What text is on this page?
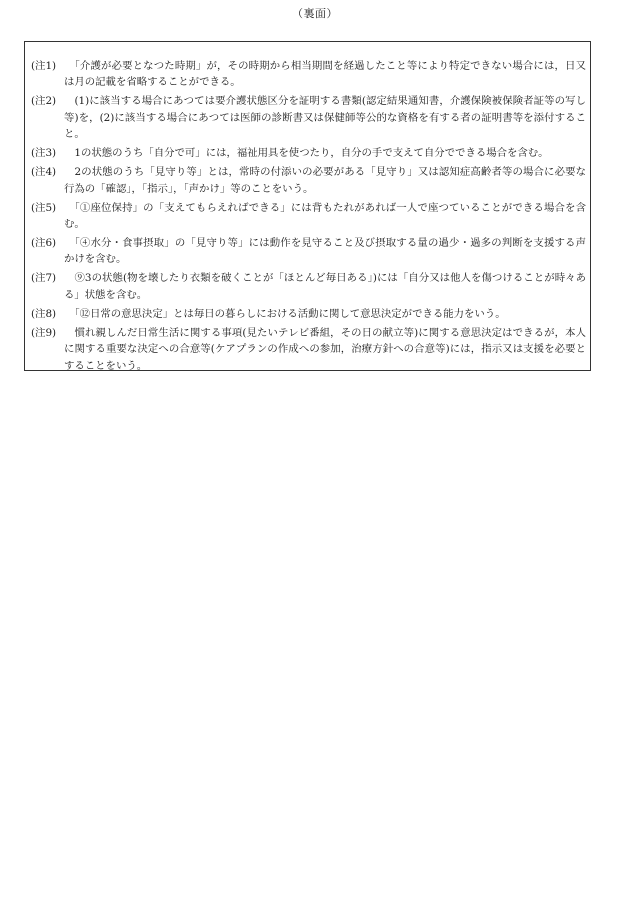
（裏面）
(注1) 　「介護が必要となつた時期」が，その時期から相当期間を経過したこと等により特定できない場合には，日又は月の記載を省略することができる。
(注2) 　(1)に該当する場合にあつては要介護状態区分を証明する書類(認定結果通知書，介護保険被保険者証等の写し等)を，(2)に該当する場合にあつては医師の診断書又は保健師等公的な資格を有する者の証明書等を添付すること。
(注3) 　1の状態のうち「自分で可」には，福祉用具を使つたり，自分の手で支えて自分でできる場合を含む。
(注4) 　2の状態のうち「見守り等」とは，常時の付添いの必要がある「見守り」又は認知症高齢者等の場合に必要な行為の「確認」，「指示」，「声かけ」等のことをいう。
(注5) 　「①座位保持」の「支えてもらえればできる」には背もたれがあれば一人で座つていることができる場合を含む。
(注6) 　「④水分・食事摂取」の「見守り等」には動作を見守ること及び摂取する量の過少・過多の判断を支援する声かけを含む。
(注7) 　⑨3の状態(物を壊したり衣類を破くことが「ほとんど毎日ある」)には「自分又は他人を傷つけることが時々ある」状態を含む。
(注8) 　「⑫日常の意思決定」とは毎日の暮らしにおける活動に関して意思決定ができる能力をいう。
(注9) 　慣れ親しんだ日常生活に関する事項(見たいテレビ番組，その日の献立等)に関する意思決定はできるが，本人に関する重要な決定への合意等(ケアプランの作成への参加，治療方針への合意等)には，指示又は支援を必要とすることをいう。
